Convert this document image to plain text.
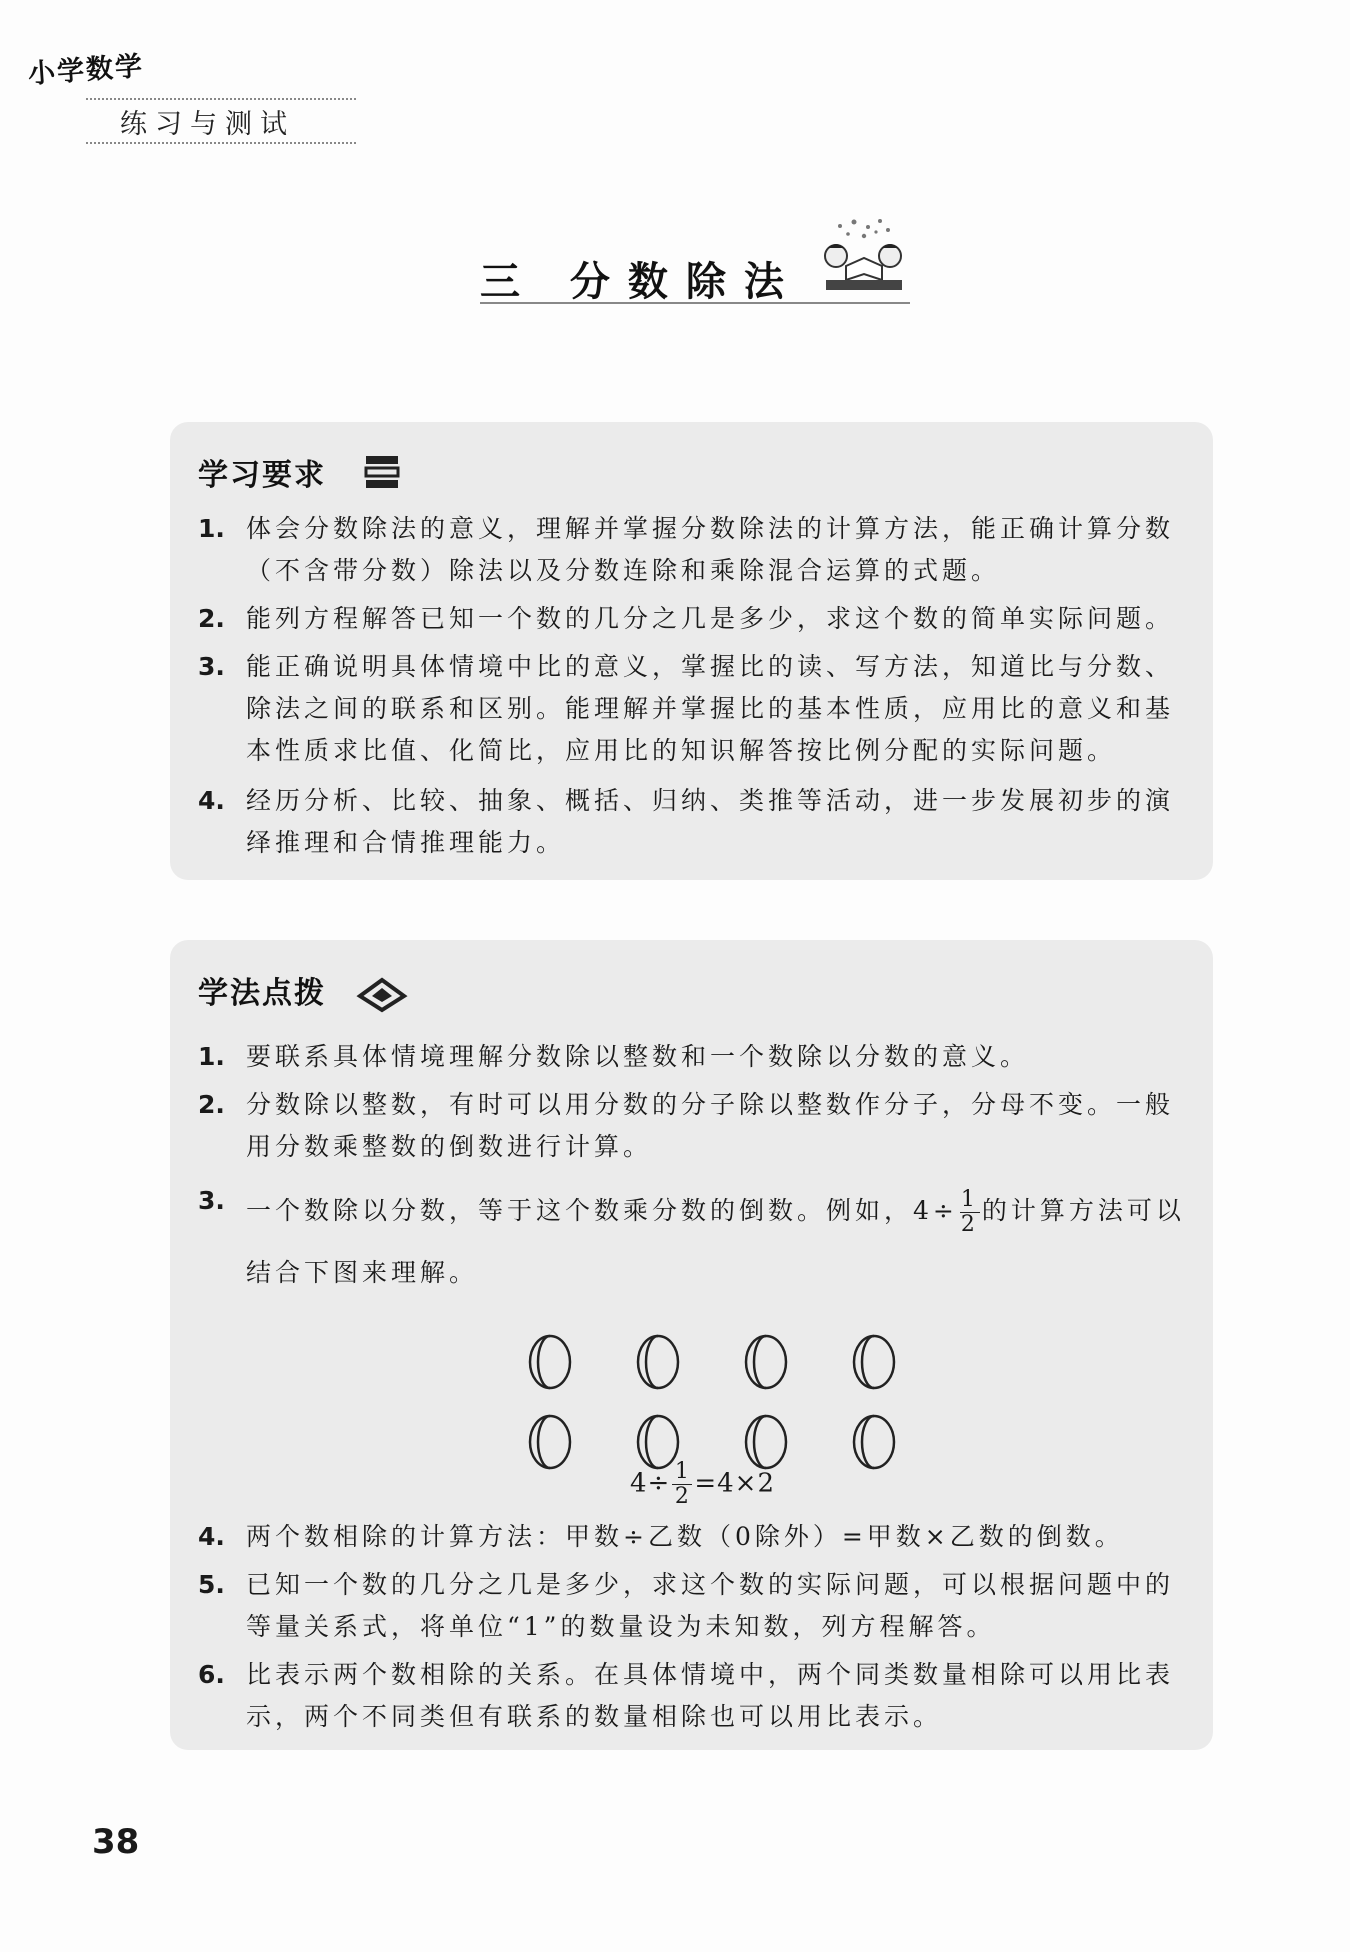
小学数学
练习与测试
三 分数除法
学习要求
1. 体会分数除法的意义，理解并掌握分数除法的计算方法，能正确计算分数（不含带分数）除法以及分数连除和乘除混合运算的式题。
2. 能列方程解答已知一个数的几分之几是多少，求这个数的简单实际问题。
3. 能正确说明具体情境中比的意义，掌握比的读、写方法，知道比与分数、除法之间的联系和区别。能理解并掌握比的基本性质，应用比的意义和基本性质求比值、化简比，应用比的知识解答按比例分配的实际问题。
4. 经历分析、比较、抽象、概括、归纳、类推等活动，进一步发展初步的演绎推理和合情推理能力。
学法点拨
1. 要联系具体情境理解分数除以整数和一个数除以分数的意义。
2. 分数除以整数，有时可以用分数的分子除以整数作分子，分母不变。一般用分数乘整数的倒数进行计算。
3. 一个数除以分数，等于这个数乘分数的倒数。例如，$4\div \frac{1}{2}$ 的计算方法可以结合下图来理解。
$4\div \frac{1}{2} =4\times 2$
4. 两个数相除的计算方法：甲数÷乙数（0除外）=甲数×乙数的倒数。
5. 已知一个数的几分之几是多少，求这个数的实际问题，可以根据问题中的等量关系式，将单位“1”的数量设为未知数，列方程解答。
6. 比表示两个数相除的关系。在具体情境中，两个同类数量相除可以用比表示，两个不同类但有联系的数量相除也可以用比表示。
38
